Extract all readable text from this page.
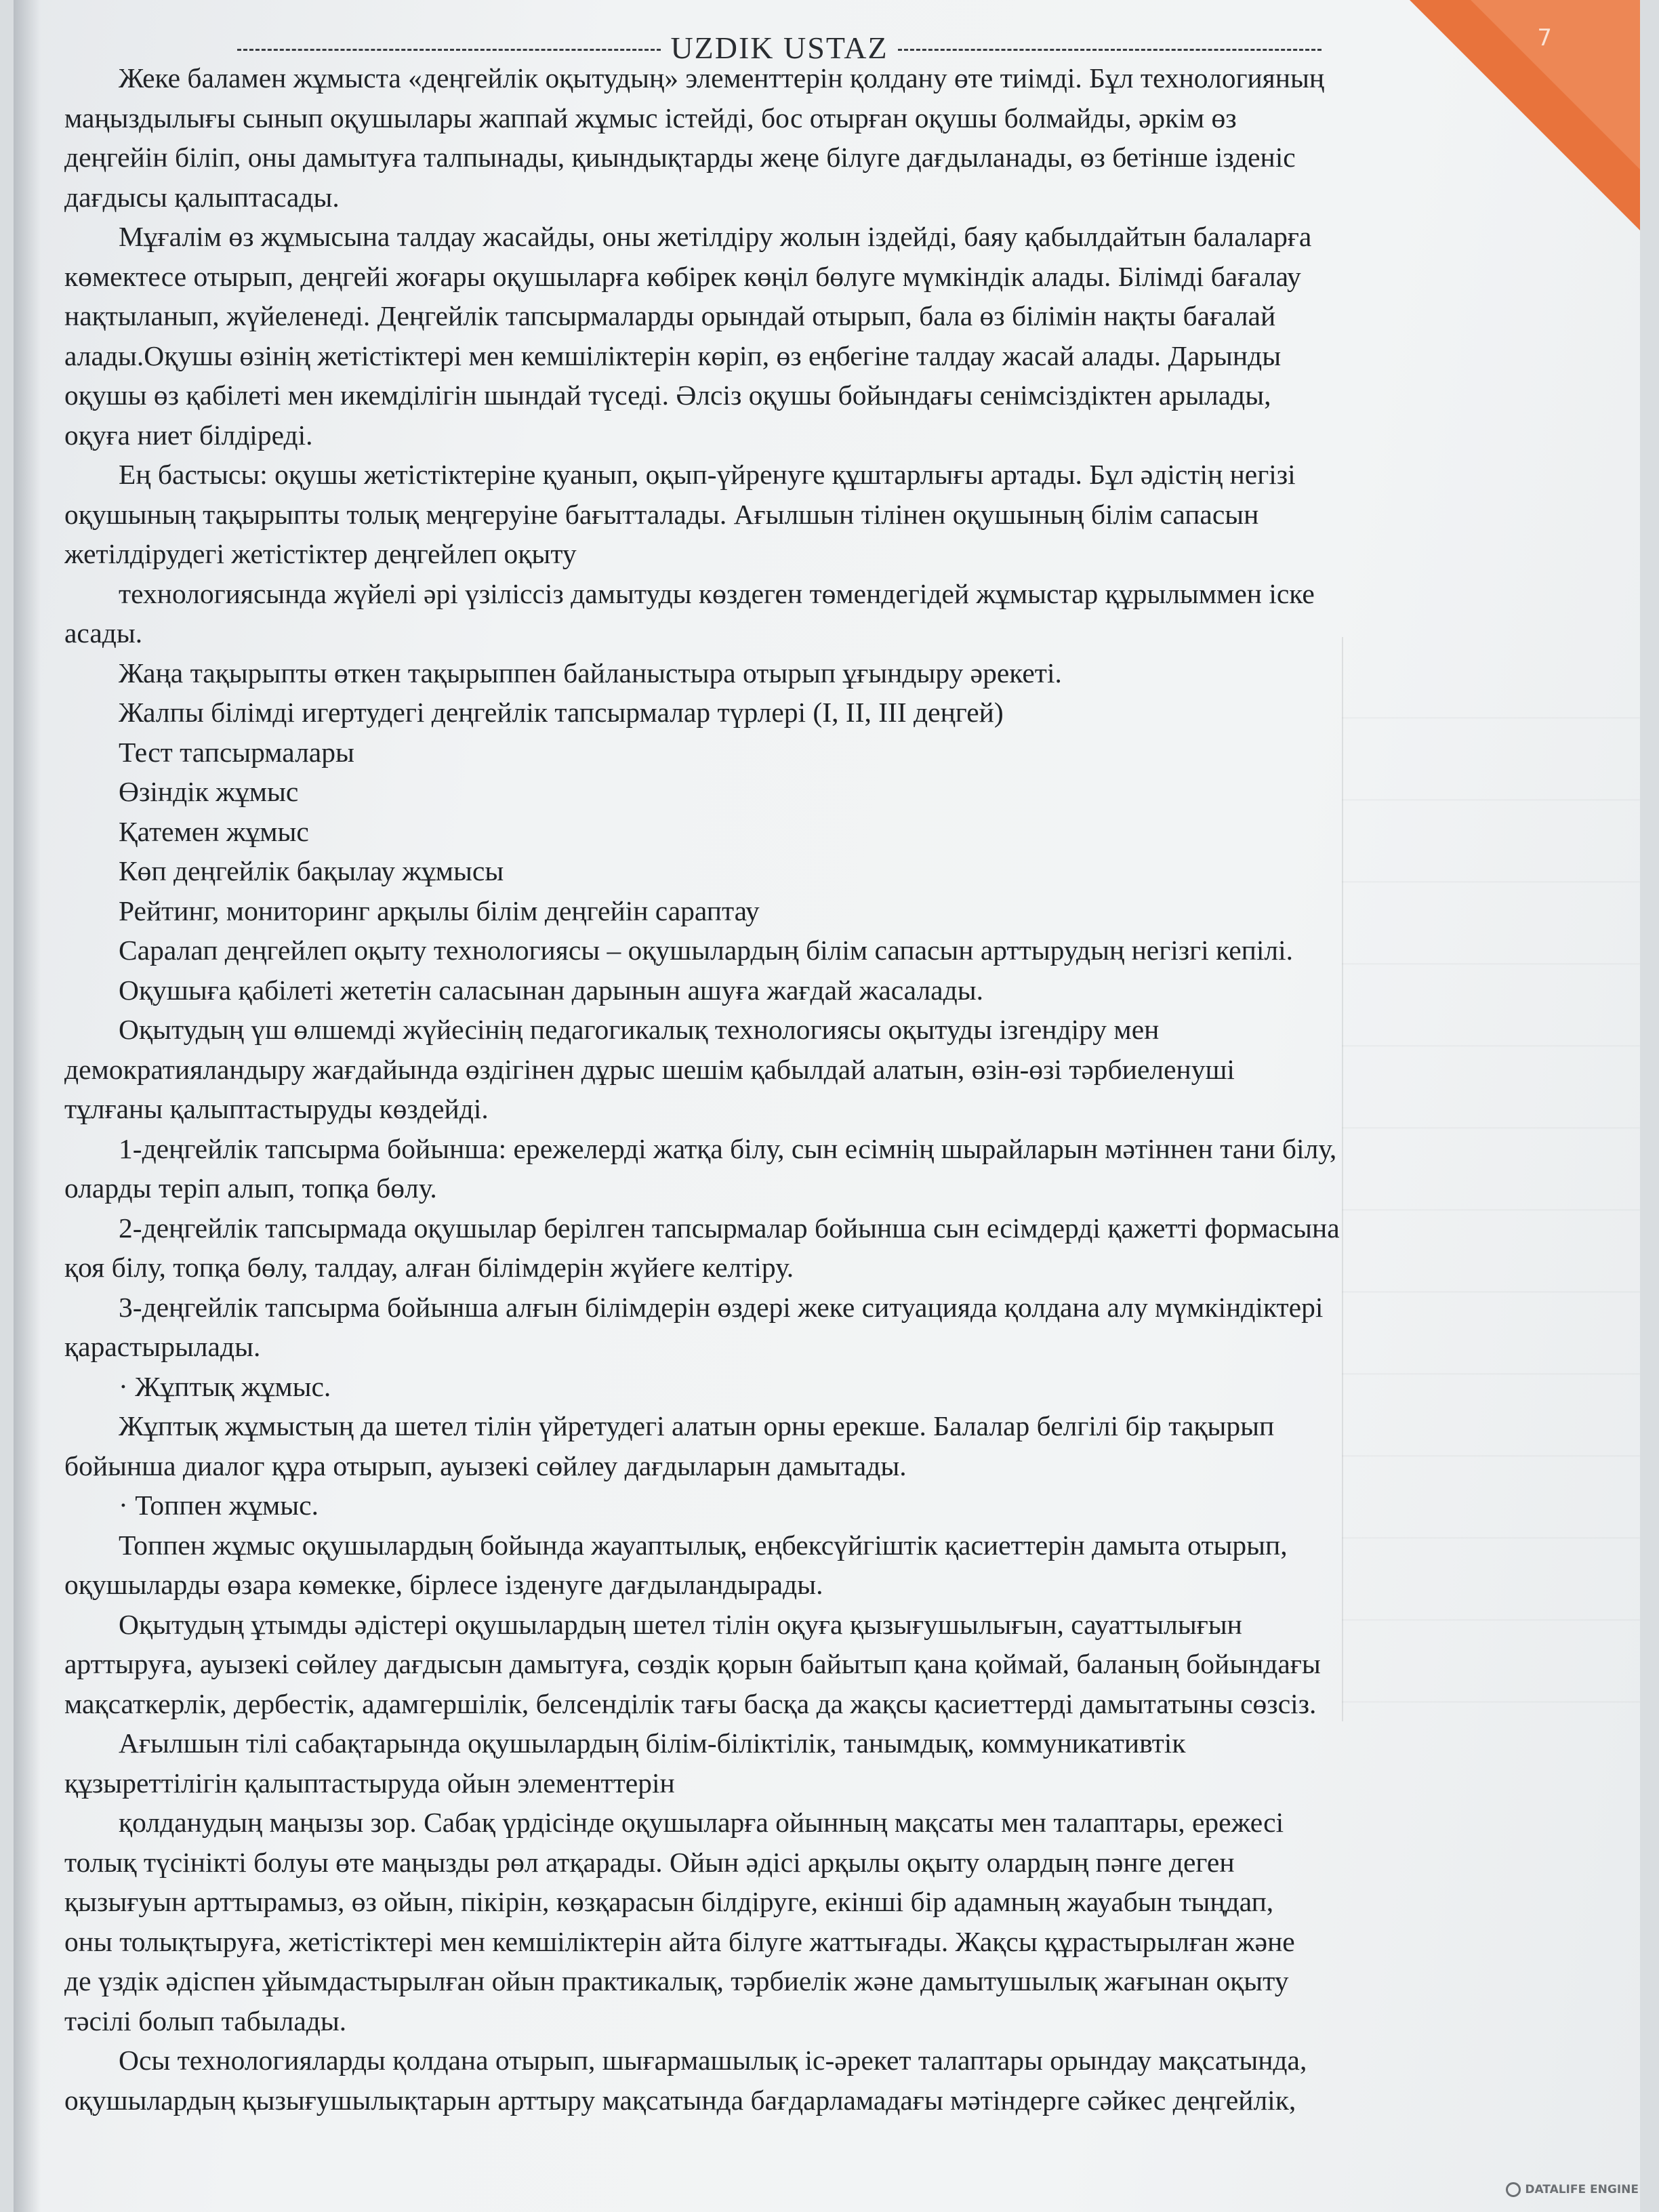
7
UZDIK USTAZ
Жеке баламен жұмыста «деңгейлік оқытудың» элементтерін қолдану өте тиімді. Бұл технологияның
маңыздылығы сынып оқушылары жаппай жұмыс істейді, бос отырған оқушы болмайды, әркім өз
деңгейін біліп, оны дамытуға талпынады, қиындықтарды жеңе білуге дағдыланады, өз бетінше ізденіс
дағдысы қалыптасады.
Мұғалім өз жұмысына талдау жасайды, оны жетілдіру жолын іздейді, баяу қабылдайтын балаларға
көмектесе отырып, деңгейі жоғары оқушыларға көбірек көңіл бөлуге мүмкіндік алады. Білімді бағалау
нақтыланып, жүйеленеді. Деңгейлік тапсырмаларды орындай отырып, бала өз білімін нақты бағалай
алады.Оқушы өзінің жетістіктері мен кемшіліктерін көріп, өз еңбегіне талдау жасай алады. Дарынды
оқушы өз қабілеті мен икемділігін шындай түседі. Әлсіз оқушы бойындағы сенімсіздіктен арылады,
оқуға ниет білдіреді.
Ең бастысы: оқушы жетістіктеріне қуанып, оқып-үйренуге құштарлығы артады. Бұл әдістің негізі
оқушының тақырыпты толық меңгеруіне бағытталады. Ағылшын тілінен оқушының білім сапасын
жетілдірудегі жетістіктер деңгейлеп оқыту
технологиясында жүйелі әрі үзіліссіз дамытуды көздеген төмендегідей жұмыстар құрылыммен іске
асады.
Жаңа тақырыпты өткен тақырыппен байланыстыра отырып ұғындыру әрекеті.
Жалпы білімді игертудегі деңгейлік тапсырмалар түрлері (I, II, III деңгей)
Тест тапсырмалары
Өзіндік жұмыс
Қатемен жұмыс
Көп деңгейлік бақылау жұмысы
Рейтинг, мониторинг арқылы білім деңгейін сараптау
Саралап деңгейлеп оқыту технологиясы – оқушылардың білім сапасын арттырудың негізгі кепілі.
Оқушыға қабілеті жететін саласынан дарынын ашуға жағдай жасалады.
Оқытудың үш өлшемді жүйесінің педагогикалық технологиясы оқытуды ізгендіру мен
демократияландыру жағдайында өздігінен дұрыс шешім қабылдай алатын, өзін-өзі тәрбиеленуші
тұлғаны қалыптастыруды көздейді.
1-деңгейлік тапсырма бойынша: ережелерді жатқа білу, сын есімнің шырайларын мәтіннен тани білу,
оларды теріп алып, топқа бөлу.
2-деңгейлік тапсырмада оқушылар берілген тапсырмалар бойынша сын есімдерді қажетті формасына
қоя білу, топқа бөлу, талдау, алған білімдерін жүйеге келтіру.
3-деңгейлік тапсырма бойынша алғын білімдерін өздері жеке ситуацияда қолдана алу мүмкіндіктері
қарастырылады.
· Жұптық жұмыс.
Жұптық жұмыстың да шетел тілін үйретудегі алатын орны ерекше. Балалар белгілі бір тақырып
бойынша диалог құра отырып, ауызекі сөйлеу дағдыларын дамытады.
· Топпен жұмыс.
Топпен жұмыс оқушылардың бойында жауаптылық, еңбексүйгіштік қасиеттерін дамыта отырып,
оқушыларды өзара көмекке, бірлесе ізденуге дағдыландырады.
Оқытудың ұтымды әдістері оқушылардың шетел тілін оқуға қызығушылығын, сауаттылығын
арттыруға, ауызекі сөйлеу дағдысын дамытуға, сөздік қорын байытып қана қоймай, баланың бойындағы
мақсаткерлік, дербестік, адамгершілік, белсенділік тағы басқа да жақсы қасиеттерді дамытатыны сөзсіз.
Ағылшын тілі сабақтарында оқушылардың білім-біліктілік, танымдық, коммуникативтік
құзыреттілігін қалыптастыруда ойын элементтерін
қолданудың маңызы зор. Сабақ үрдісінде оқушыларға ойынның мақсаты мен талаптары, ережесі
толық түсінікті болуы өте маңызды рөл атқарады. Ойын әдісі арқылы оқыту олардың пәнге деген
қызығуын арттырамыз, өз ойын, пікірін, көзқарасын білдіруге, екінші бір адамның жауабын тыңдап,
оны толықтыруға, жетістіктері мен кемшіліктерін айта білуге жаттығады. Жақсы құрастырылған және
де үздік әдіспен ұйымдастырылған ойын практикалық, тәрбиелік және дамытушылық жағынан оқыту
тәсілі болып табылады.
Осы технологияларды қолдана отырып, шығармашылық іс-әрекет талаптары орындау мақсатында,
оқушылардың қызығушылықтарын арттыру мақсатында бағдарламадағы мәтіндерге сәйкес деңгейлік,
DATALIFE ENGINE
